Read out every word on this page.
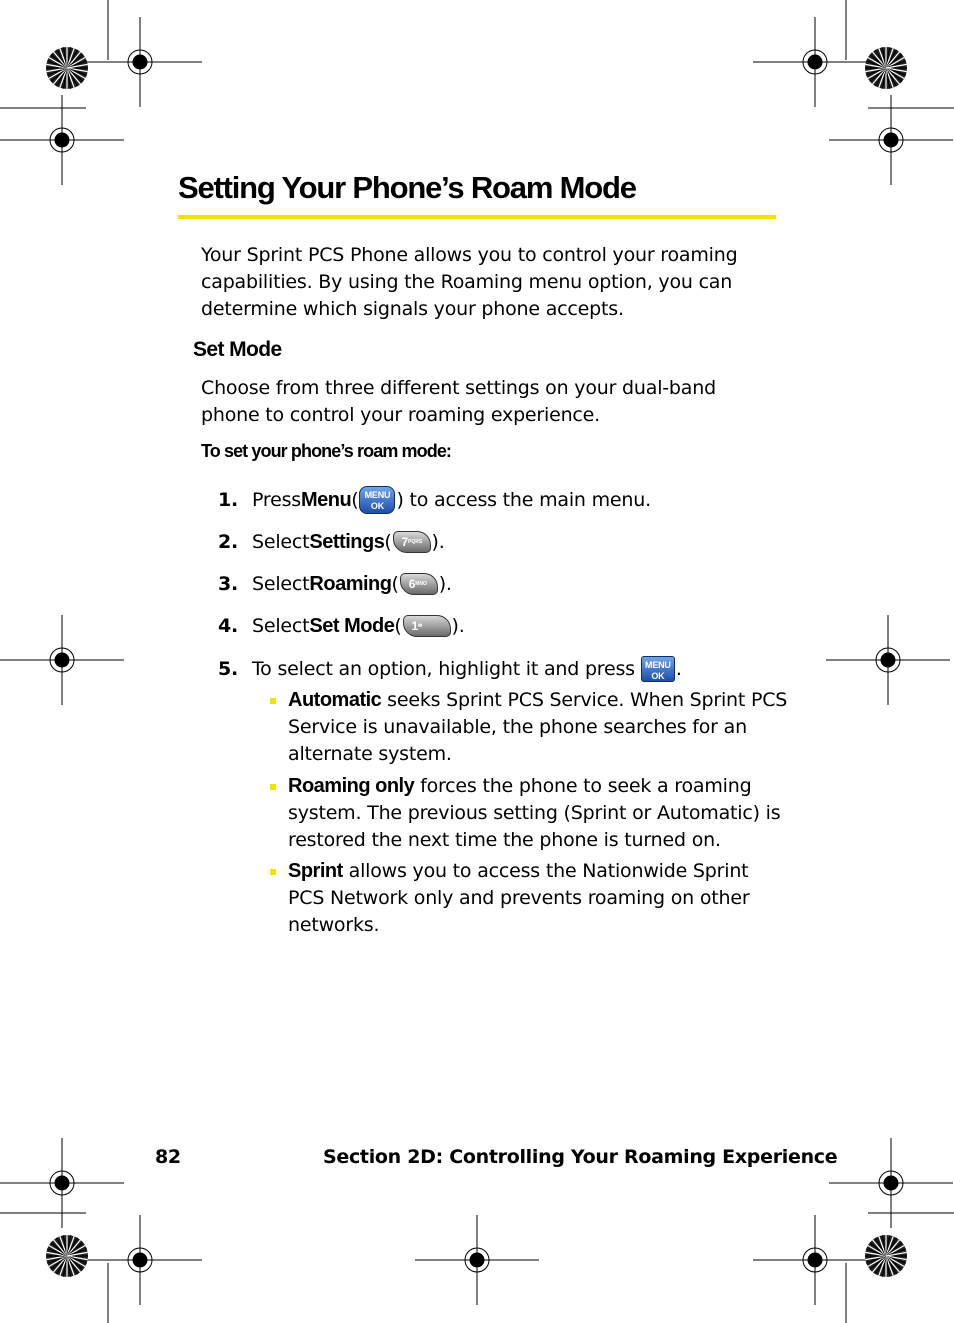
Setting Your Phone’s Roam Mode

Your Sprint PCS Phone allows you to control your roaming capabilities. By using the Roaming menu option, you can determine which signals your phone accepts.

Set Mode

Choose from three different settings on your dual-band phone to control your roaming experience.

To set your phone’s roam mode:

1. Press Menu ( MENU
OK ) to access the main menu.
2. Select Settings ( $7^{PQRS}$ ).
3. Select Roaming ( $6^{MNO}$ ).
4. Select Set Mode ( 1✉	).
5. To select an option, highlight it and press	MENU
OK .

Automatic seeks Sprint PCS Service. When Sprint PCS Service is unavailable, the phone searches for an alternate system.

Roaming only forces the phone to seek a roaming system. The previous setting (Sprint or Automatic) is restored the next time the phone is turned on.

Sprint allows you to access the Nationwide Sprint PCS Network only and prevents roaming on other networks.

82	Section 2D: Controlling Your Roaming Experience
